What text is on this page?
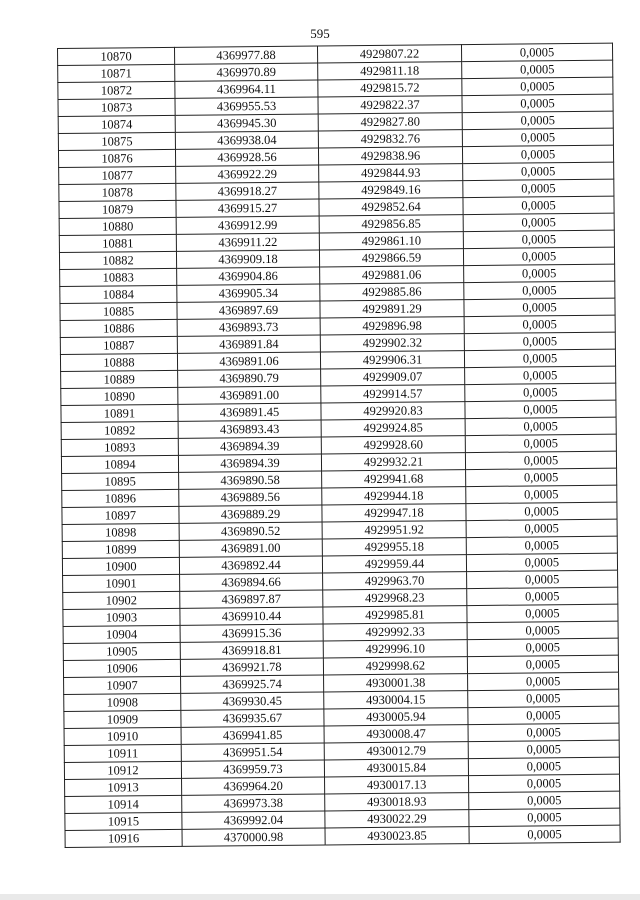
595
10870	4369977.88	4929807.22	0,0005
10871	4369970.89	4929811.18	0,0005
10872	4369964.11	4929815.72	0,0005
10873	4369955.53	4929822.37	0,0005
10874	4369945.30	4929827.80	0,0005
10875	4369938.04	4929832.76	0,0005
10876	4369928.56	4929838.96	0,0005
10877	4369922.29	4929844.93	0,0005
10878	4369918.27	4929849.16	0,0005
10879	4369915.27	4929852.64	0,0005
10880	4369912.99	4929856.85	0,0005
10881	4369911.22	4929861.10	0,0005
10882	4369909.18	4929866.59	0,0005
10883	4369904.86	4929881.06	0,0005
10884	4369905.34	4929885.86	0,0005
10885	4369897.69	4929891.29	0,0005
10886	4369893.73	4929896.98	0,0005
10887	4369891.84	4929902.32	0,0005
10888	4369891.06	4929906.31	0,0005
10889	4369890.79	4929909.07	0,0005
10890	4369891.00	4929914.57	0,0005
10891	4369891.45	4929920.83	0,0005
10892	4369893.43	4929924.85	0,0005
10893	4369894.39	4929928.60	0,0005
10894	4369894.39	4929932.21	0,0005
10895	4369890.58	4929941.68	0,0005
10896	4369889.56	4929944.18	0,0005
10897	4369889.29	4929947.18	0,0005
10898	4369890.52	4929951.92	0,0005
10899	4369891.00	4929955.18	0,0005
10900	4369892.44	4929959.44	0,0005
10901	4369894.66	4929963.70	0,0005
10902	4369897.87	4929968.23	0,0005
10903	4369910.44	4929985.81	0,0005
10904	4369915.36	4929992.33	0,0005
10905	4369918.81	4929996.10	0,0005
10906	4369921.78	4929998.62	0,0005
10907	4369925.74	4930001.38	0,0005
10908	4369930.45	4930004.15	0,0005
10909	4369935.67	4930005.94	0,0005
10910	4369941.85	4930008.47	0,0005
10911	4369951.54	4930012.79	0,0005
10912	4369959.73	4930015.84	0,0005
10913	4369964.20	4930017.13	0,0005
10914	4369973.38	4930018.93	0,0005
10915	4369992.04	4930022.29	0,0005
10916	4370000.98	4930023.85	0,0005
